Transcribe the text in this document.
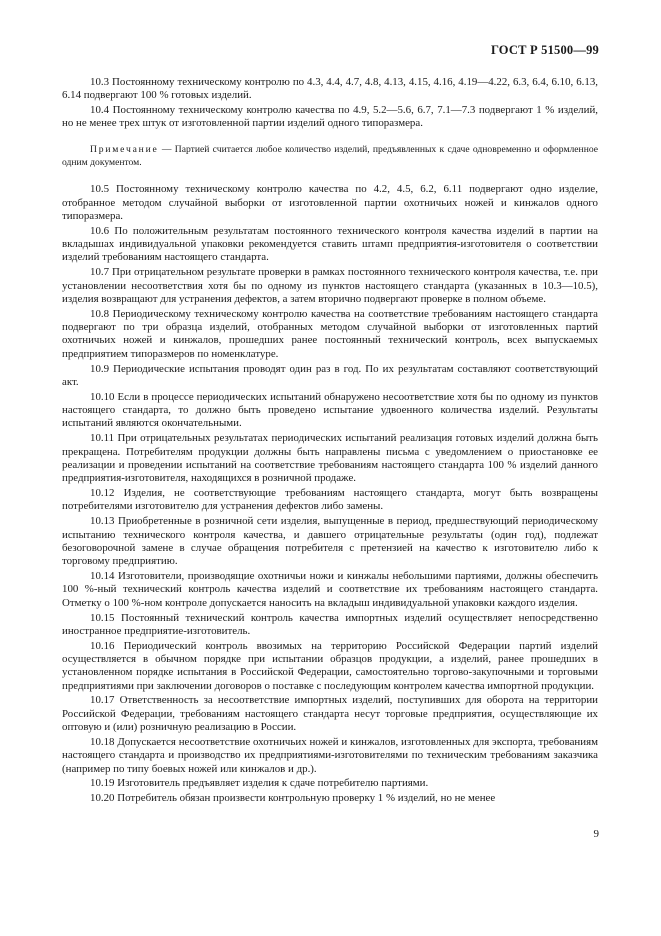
ГОСТ Р 51500—99

10.3 Постоянному техническому контролю по 4.3, 4.4, 4.7, 4.8, 4.13, 4.15, 4.16, 4.19—4.22, 6.3, 6.4, 6.10, 6.13, 6.14 подвергают 100 % готовых изделий.

10.4 Постоянному техническому контролю качества по 4.9, 5.2—5.6, 6.7, 7.1—7.3 подвергают 1 % изделий, но не менее трех штук от изготовленной партии изделий одного типоразмера.

Примечание — Партией считается любое количество изделий, предъявленных к сдаче одновременно и оформленное одним документом.

10.5 Постоянному техническому контролю качества по 4.2, 4.5, 6.2, 6.11 подвергают одно изделие, отобранное методом случайной выборки от изготовленной партии охотничьих ножей и кинжалов одного типоразмера.

10.6 По положительным результатам постоянного технического контроля качества изделий в партии на вкладышах индивидуальной упаковки рекомендуется ставить штамп предприятия-изготовителя о соответствии изделий требованиям настоящего стандарта.

10.7 При отрицательном результате проверки в рамках постоянного технического контроля качества, т.е. при установлении несоответствия хотя бы по одному из пунктов настоящего стандарта (указанных в 10.3—10.5), изделия возвращают для устранения дефектов, а затем вторично подвергают проверке в полном объеме.

10.8 Периодическому техническому контролю качества на соответствие требованиям настоящего стандарта подвергают по три образца изделий, отобранных методом случайной выборки от изготовленных партий охотничьих ножей и кинжалов, прошедших ранее постоянный технический контроль, всех выпускаемых предприятием типоразмеров по номенклатуре.

10.9 Периодические испытания проводят один раз в год. По их результатам составляют соответствующий акт.

10.10 Если в процессе периодических испытаний обнаружено несоответствие хотя бы по одному из пунктов настоящего стандарта, то должно быть проведено испытание удвоенного количества изделий. Результаты испытаний являются окончательными.

10.11 При отрицательных результатах периодических испытаний реализация готовых изделий должна быть прекращена. Потребителям продукции должны быть направлены письма с уведомлением о приостановке ее реализации и проведении испытаний на соответствие требованиям настоящего стандарта 100 % изделий данного предприятия-изготовителя, находящихся в розничной продаже.

10.12 Изделия, не соответствующие требованиям настоящего стандарта, могут быть возвращены потребителями изготовителю для устранения дефектов либо замены.

10.13 Приобретенные в розничной сети изделия, выпущенные в период, предшествующий периодическому испытанию технического контроля качества, и давшего отрицательные результаты (один год), подлежат безоговорочной замене в случае обращения потребителя с претензией на качество к изготовителю либо к торговому предприятию.

10.14 Изготовители, производящие охотничьи ножи и кинжалы небольшими партиями, должны обеспечить 100 %-ный технический контроль качества изделий и соответствие их требованиям настоящего стандарта. Отметку о 100 %-ном контроле допускается наносить на вкладыш индивидуальной упаковки каждого изделия.

10.15 Постоянный технический контроль качества импортных изделий осуществляет непосредственно иностранное предприятие-изготовитель.

10.16 Периодический контроль ввозимых на территорию Российской Федерации партий изделий осуществляется в обычном порядке при испытании образцов продукции, а изделий, ранее прошедших в установленном порядке испытания в Российской Федерации, самостоятельно торгово-закупочными и торговыми предприятиями при заключении договоров о поставке с последующим контролем качества импортной продукции.

10.17 Ответственность за несоответствие импортных изделий, поступивших для оборота на территории Российской Федерации, требованиям настоящего стандарта несут торговые предприятия, осуществляющие их оптовую и (или) розничную реализацию в России.

10.18 Допускается несоответствие охотничьих ножей и кинжалов, изготовленных для экспорта, требованиям настоящего стандарта и производство их предприятиями-изготовителями по техническим требованиям заказчика (например по типу боевых ножей или кинжалов и др.).

10.19 Изготовитель предъявляет изделия к сдаче потребителю партиями.

10.20 Потребитель обязан произвести контрольную проверку 1 % изделий, но не менее

9
